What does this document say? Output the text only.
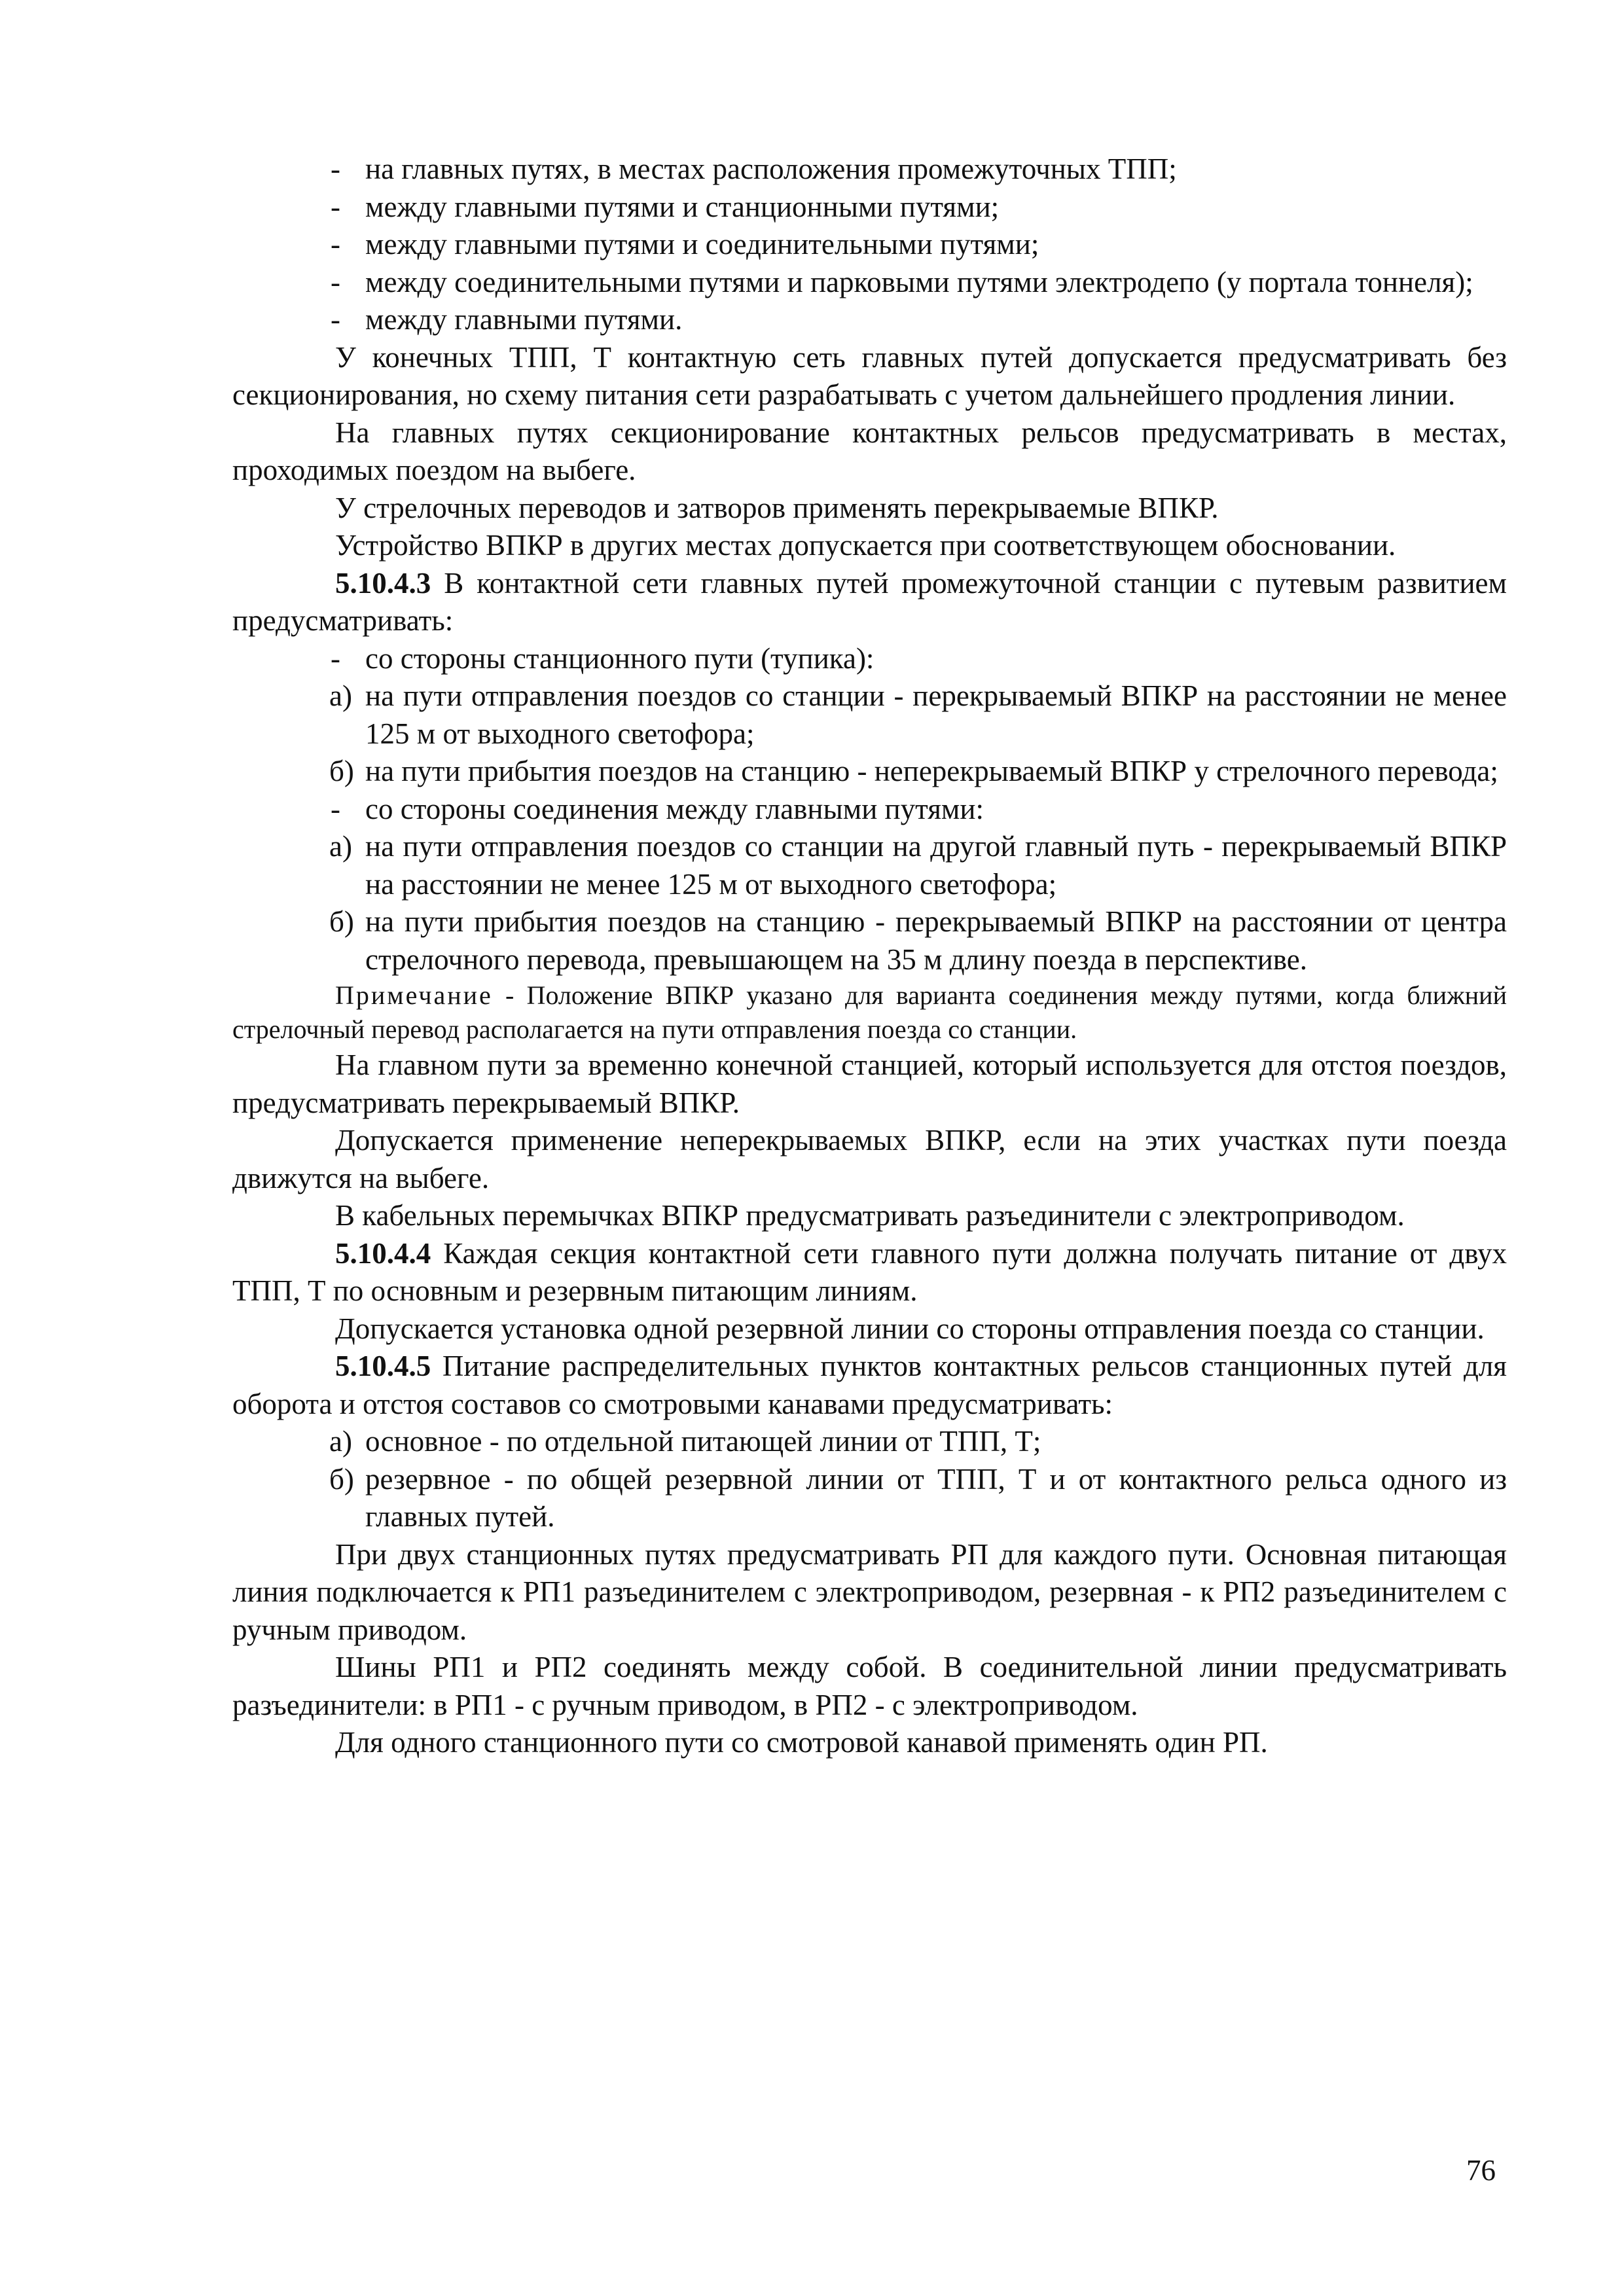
- на главных путях, в местах расположения промежуточных ТПП;

- между главными путями и станционными путями;

- между главными путями и соединительными путями;

- между соединительными путями и парковыми путями электродепо (у портала тоннеля);

- между главными путями.

У конечных ТПП, Т контактную сеть главных путей допускается предусматривать без секционирования, но схему питания сети разрабатывать с учетом дальнейшего продления линии.

На главных путях секционирование контактных рельсов предусматривать в местах, проходимых поездом на выбеге.

У стрелочных переводов и затворов применять перекрываемые ВПКР.

Устройство ВПКР в других местах допускается при соответствующем обосновании.

5.10.4.3 В контактной сети главных путей промежуточной станции с путевым развитием предусматривать:

- со стороны станционного пути (тупика):

а) на пути отправления поездов со станции - перекрываемый ВПКР на расстоянии не менее 125 м от выходного светофора;

б) на пути прибытия поездов на станцию - неперекрываемый ВПКР у стрелочного перевода;

- со стороны соединения между главными путями:

а) на пути отправления поездов со станции на другой главный путь - перекрываемый ВПКР на расстоянии не менее 125 м от выходного светофора;

б) на пути прибытия поездов на станцию - перекрываемый ВПКР на расстоянии от центра стрелочного перевода, превышающем на 35 м длину поезда в перспективе.

Примечание - Положение ВПКР указано для варианта соединения между путями, когда ближний стрелочный перевод располагается на пути отправления поезда со станции.

На главном пути за временно конечной станцией, который используется для отстоя поездов, предусматривать перекрываемый ВПКР.

Допускается применение неперекрываемых ВПКР, если на этих участках пути поезда движутся на выбеге.

В кабельных перемычках ВПКР предусматривать разъединители с электроприводом.

5.10.4.4 Каждая секция контактной сети главного пути должна получать питание от двух ТПП, Т по основным и резервным питающим линиям.

Допускается установка одной резервной линии со стороны отправления поезда со станции.

5.10.4.5 Питание распределительных пунктов контактных рельсов станционных путей для оборота и отстоя составов со смотровыми канавами предусматривать:

а) основное - по отдельной питающей линии от ТПП, Т;

б) резервное - по общей резервной линии от ТПП, Т и от контактного рельса одного из главных путей.

При двух станционных путях предусматривать РП для каждого пути. Основная питающая линия подключается к РП1 разъединителем с электроприводом, резервная - к РП2 разъединителем с ручным приводом.

Шины РП1 и РП2 соединять между собой. В соединительной линии предусматривать разъединители: в РП1 - с ручным приводом, в РП2 - с электроприводом.

Для одного станционного пути со смотровой канавой применять один РП.

76
